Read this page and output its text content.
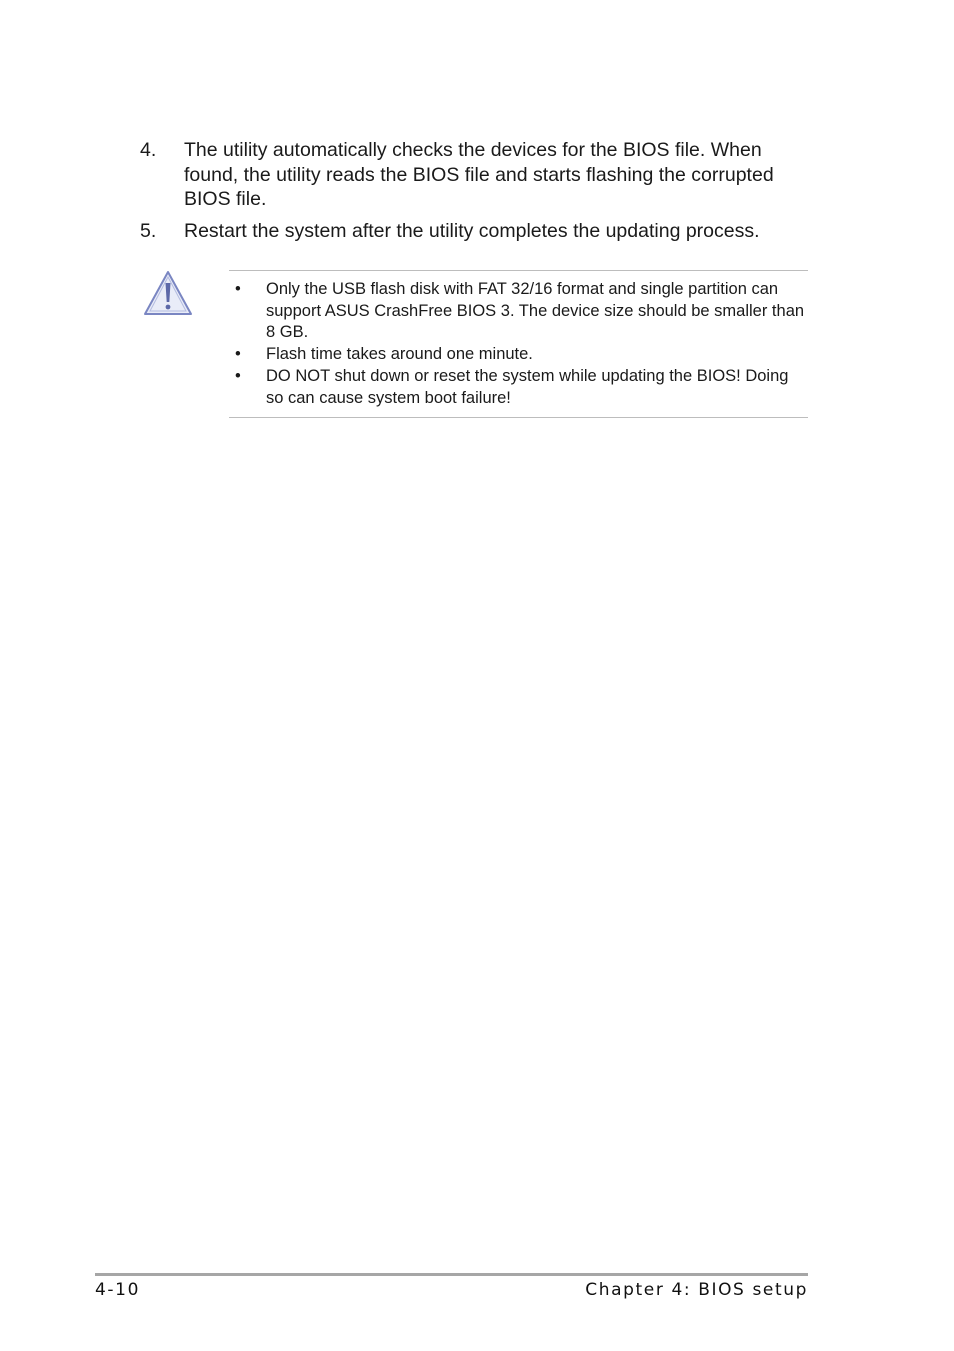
4. The utility automatically checks the devices for the BIOS file. When found, the utility reads the BIOS file and starts flashing the corrupted BIOS file.
5. Restart the system after the utility completes the updating process.
• Only the USB flash disk with FAT 32/16 format and single partition can support ASUS CrashFree BIOS 3. The device size should be smaller than 8 GB.
• Flash time takes around one minute.
• DO NOT shut down or reset the system while updating the BIOS! Doing so can cause system boot failure!
4-10	Chapter 4: BIOS setup
